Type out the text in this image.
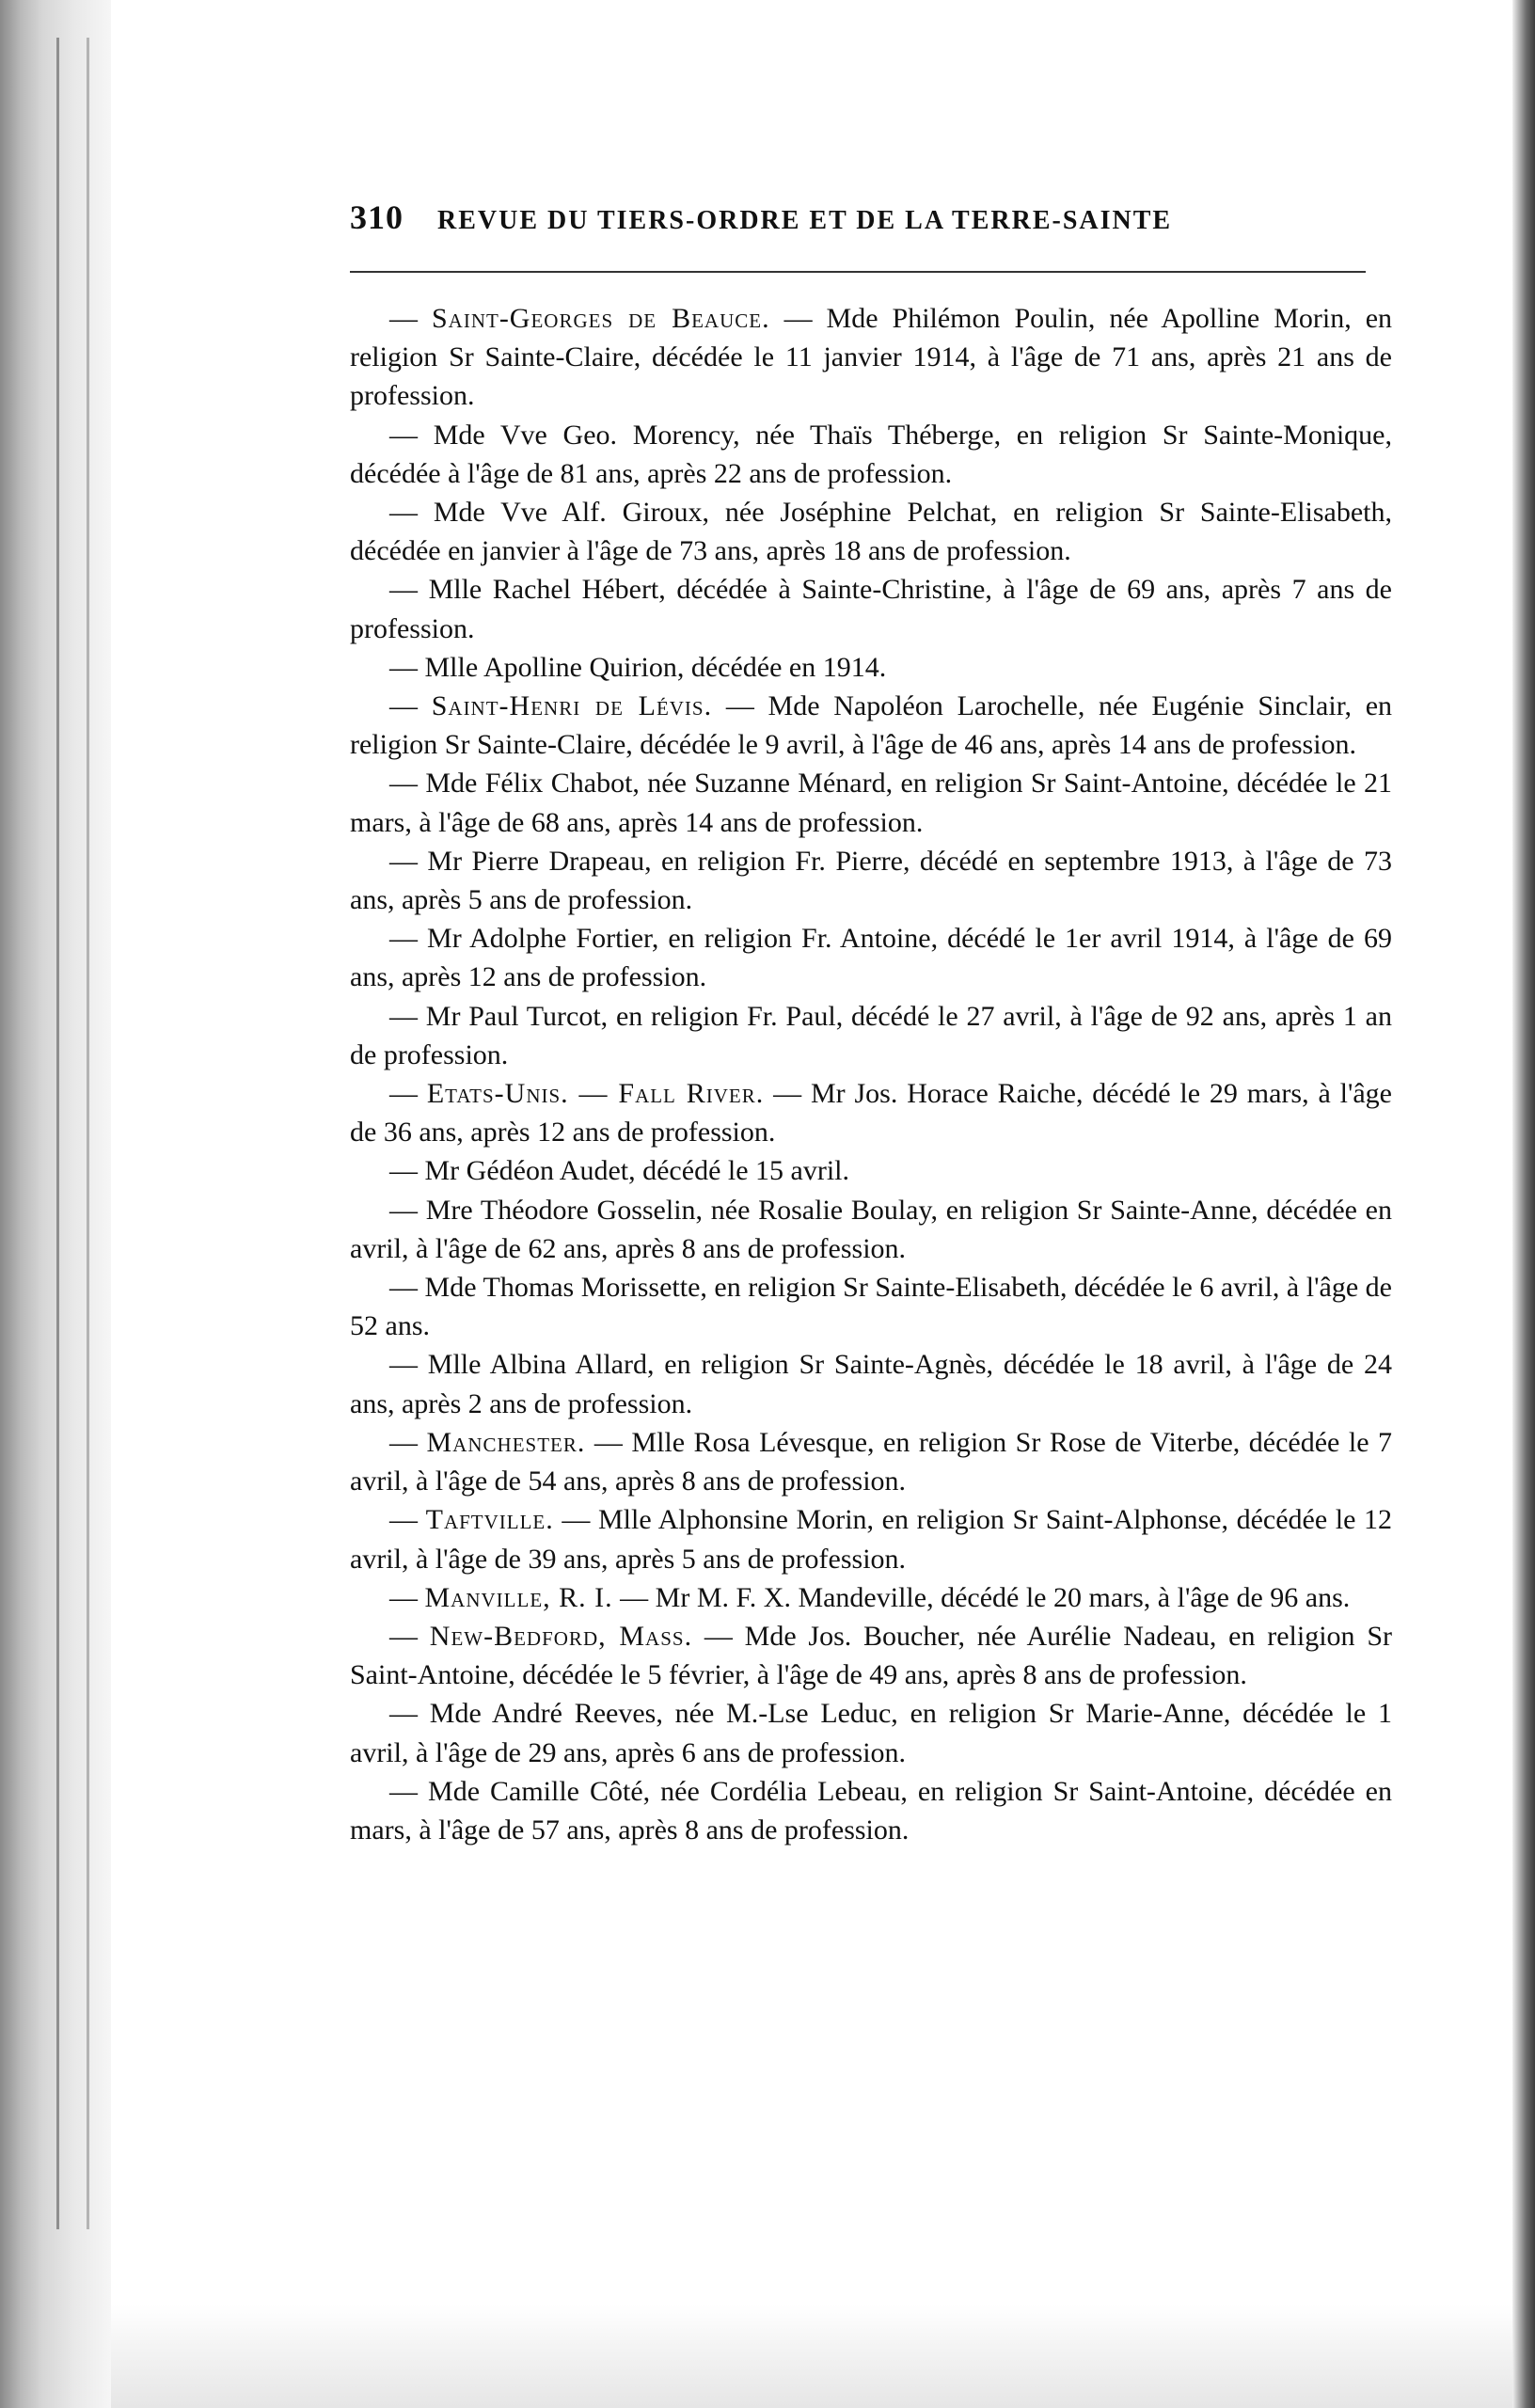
310 REVUE DU TIERS-ORDRE ET DE LA TERRE-SAINTE

— Saint-Georges de Beauce. — Mde Philémon Poulin, née Apolline Morin, en religion Sr Sainte-Claire, décédée le 11 janvier 1914, à l'âge de 71 ans, après 21 ans de profession.

— Mde Vve Geo. Morency, née Thaïs Théberge, en religion Sr Sainte-Monique, décédée à l'âge de 81 ans, après 22 ans de profession.

— Mde Vve Alf. Giroux, née Joséphine Pelchat, en religion Sr Sainte-Elisabeth, décédée en janvier à l'âge de 73 ans, après 18 ans de profession.

— Mlle Rachel Hébert, décédée à Sainte-Christine, à l'âge de 69 ans, après 7 ans de profession.

— Mlle Apolline Quirion, décédée en 1914.

— Saint-Henri de Lévis. — Mde Napoléon Larochelle, née Eugénie Sinclair, en religion Sr Sainte-Claire, décédée le 9 avril, à l'âge de 46 ans, après 14 ans de profession.

— Mde Félix Chabot, née Suzanne Ménard, en religion Sr Saint-Antoine, décédée le 21 mars, à l'âge de 68 ans, après 14 ans de profession.

— Mr Pierre Drapeau, en religion Fr. Pierre, décédé en septembre 1913, à l'âge de 73 ans, après 5 ans de profession.

— Mr Adolphe Fortier, en religion Fr. Antoine, décédé le 1er avril 1914, à l'âge de 69 ans, après 12 ans de profession.

— Mr Paul Turcot, en religion Fr. Paul, décédé le 27 avril, à l'âge de 92 ans, après 1 an de profession.

— Etats-Unis. — Fall River. — Mr Jos. Horace Raiche, décédé le 29 mars, à l'âge de 36 ans, après 12 ans de profession.

— Mr Gédéon Audet, décédé le 15 avril.

— Mre Théodore Gosselin, née Rosalie Boulay, en religion Sr Sainte-Anne, décédée en avril, à l'âge de 62 ans, après 8 ans de profession.

— Mde Thomas Morissette, en religion Sr Sainte-Elisabeth, décédée le 6 avril, à l'âge de 52 ans.

— Mlle Albina Allard, en religion Sr Sainte-Agnès, décédée le 18 avril, à l'âge de 24 ans, après 2 ans de profession.

— Manchester. — Mlle Rosa Lévesque, en religion Sr Rose de Viterbe, décédée le 7 avril, à l'âge de 54 ans, après 8 ans de profession.

— Taftville. — Mlle Alphonsine Morin, en religion Sr Saint-Alphonse, décédée le 12 avril, à l'âge de 39 ans, après 5 ans de profession.

— Manville, R. I. — Mr M. F. X. Mandeville, décédé le 20 mars, à l'âge de 96 ans.

— New-Bedford, Mass. — Mde Jos. Boucher, née Aurélie Nadeau, en religion Sr Saint-Antoine, décédée le 5 février, à l'âge de 49 ans, après 8 ans de profession.

— Mde André Reeves, née M.-Lse Leduc, en religion Sr Marie-Anne, décédée le 1 avril, à l'âge de 29 ans, après 6 ans de profession.

— Mde Camille Côté, née Cordélia Lebeau, en religion Sr Saint-Antoine, décédée en mars, à l'âge de 57 ans, après 8 ans de profession.
